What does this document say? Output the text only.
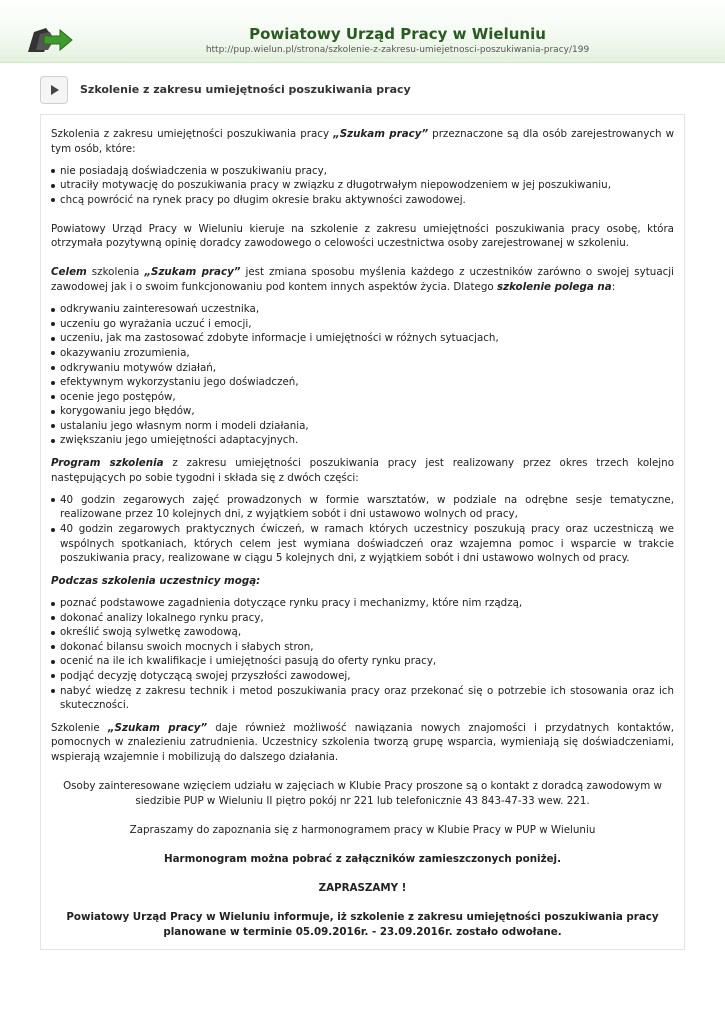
Powiatowy Urząd Pracy w Wieluniu
http://pup.wielun.pl/strona/szkolenie-z-zakresu-umiejetnosci-poszukiwania-pracy/199
Szkolenie z zakresu umiejętności poszukiwania pracy

Szkolenia z zakresu umiejętności poszukiwania pracy „Szukam pracy” przeznaczone są dla osób zarejestrowanych w tym osób, które:

nie posiadają doświadczenia w poszukiwaniu pracy,
utraciły motywację do poszukiwania pracy w związku z długotrwałym niepowodzeniem w jej poszukiwaniu,
chcą powrócić na rynek pracy po długim okresie braku aktywności zawodowej.

Powiatowy Urząd Pracy w Wieluniu kieruje na szkolenie z zakresu umiejętności poszukiwania pracy osobę, która otrzymała pozytywną opinię doradcy zawodowego o celowości uczestnictwa osoby zarejestrowanej w szkoleniu.

Celem szkolenia „Szukam pracy” jest zmiana sposobu myślenia każdego z uczestników zarówno o swojej sytuacji zawodowej jak i o swoim funkcjonowaniu pod kontem innych aspektów życia. Dlatego szkolenie polega na:

odkrywaniu zainteresowań uczestnika,
uczeniu go wyrażania uczuć i emocji,
uczeniu, jak ma zastosować zdobyte informacje i umiejętności w różnych sytuacjach,
okazywaniu zrozumienia,
odkrywaniu motywów działań,
efektywnym wykorzystaniu jego doświadczeń,
ocenie jego postępów,
korygowaniu jego błędów,
ustalaniu jego własnym norm i modeli działania,
zwiększaniu jego umiejętności adaptacyjnych.

Program szkolenia z zakresu umiejętności poszukiwania pracy jest realizowany przez okres trzech kolejno następujących po sobie tygodni i składa się z dwóch części:

40 godzin zegarowych zajęć prowadzonych w formie warsztatów, w podziale na odrębne sesje tematyczne, realizowane przez 10 kolejnych dni, z wyjątkiem sobót i dni ustawowo wolnych od pracy,
40 godzin zegarowych praktycznych ćwiczeń, w ramach których uczestnicy poszukują pracy oraz uczestniczą we wspólnych spotkaniach, których celem jest wymiana doświadczeń oraz wzajemna pomoc i wsparcie w trakcie poszukiwania pracy, realizowane w ciągu 5 kolejnych dni, z wyjątkiem sobót i dni ustawowo wolnych od pracy.

Podczas szkolenia uczestnicy mogą:

poznać podstawowe zagadnienia dotyczące rynku pracy i mechanizmy, które nim rządzą,
dokonać analizy lokalnego rynku pracy,
określić swoją sylwetkę zawodową,
dokonać bilansu swoich mocnych i słabych stron,
ocenić na ile ich kwalifikacje i umiejętności pasują do oferty rynku pracy,
podjąć decyzję dotyczącą swojej przyszłości zawodowej,
nabyć wiedzę z zakresu technik i metod poszukiwania pracy oraz przekonać się o potrzebie ich stosowania oraz ich skuteczności.

Szkolenie „Szukam pracy” daje również możliwość nawiązania nowych znajomości i przydatnych kontaktów, pomocnych w znalezieniu zatrudnienia. Uczestnicy szkolenia tworzą grupę wsparcia, wymieniają się doświadczeniami, wspierają wzajemnie i mobilizują do dalszego działania.

Osoby zainteresowane wzięciem udziału w zajęciach w Klubie Pracy proszone są o kontakt z doradcą zawodowym w siedzibie PUP w Wieluniu II piętro pokój nr 221 lub telefonicznie 43 843-47-33 wew. 221.

Zapraszamy do zapoznania się z harmonogramem pracy w Klubie Pracy w PUP w Wieluniu

Harmonogram można pobrać z załączników zamieszczonych poniżej.

ZAPRASZAMY !

Powiatowy Urząd Pracy w Wieluniu informuje, iż szkolenie z zakresu umiejętności poszukiwania pracy planowane w terminie 05.09.2016r. - 23.09.2016r. zostało odwołane.
